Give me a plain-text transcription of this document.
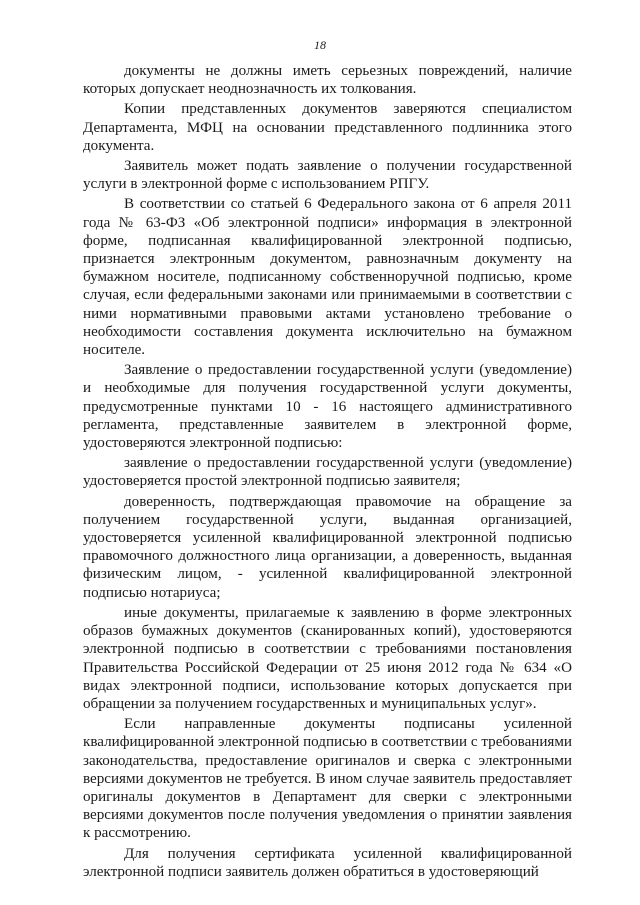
18

документы не должны иметь серьезных повреждений, наличие которых допускает неоднозначность их толкования.

Копии представленных документов заверяются специалистом Департамента, МФЦ на основании представленного подлинника этого документа.

Заявитель может подать заявление о получении государственной услуги в электронной форме с использованием РПГУ.

В соответствии со статьей 6 Федерального закона от 6 апреля 2011 года № 63-ФЗ «Об электронной подписи» информация в электронной форме, подписанная квалифицированной электронной подписью, признается электронным документом, равнозначным документу на бумажном носителе, подписанному собственноручной подписью, кроме случая, если федеральными законами или принимаемыми в соответствии с ними нормативными правовыми актами установлено требование о необходимости составления документа исключительно на бумажном носителе.

Заявление о предоставлении государственной услуги (уведомление) и необходимые для получения государственной услуги документы, предусмотренные пунктами 10 - 16 настоящего административного регламента, представленные заявителем в электронной форме, удостоверяются электронной подписью:

заявление о предоставлении государственной услуги (уведомление) удостоверяется простой электронной подписью заявителя;

доверенность, подтверждающая правомочие на обращение за получением государственной услуги, выданная организацией, удостоверяется усиленной квалифицированной электронной подписью правомочного должностного лица организации, а доверенность, выданная физическим лицом, - усиленной квалифицированной электронной подписью нотариуса;

иные документы, прилагаемые к заявлению в форме электронных образов бумажных документов (сканированных копий), удостоверяются электронной подписью в соответствии с требованиями постановления Правительства Российской Федерации от 25 июня 2012 года № 634 «О видах электронной подписи, использование которых допускается при обращении за получением государственных и муниципальных услуг».

Если направленные документы подписаны усиленной квалифицированной электронной подписью в соответствии с требованиями законодательства, предоставление оригиналов и сверка с электронными версиями документов не требуется. В ином случае заявитель предоставляет оригиналы документов в Департамент для сверки с электронными версиями документов после получения уведомления о принятии заявления к рассмотрению.

Для получения сертификата усиленной квалифицированной электронной подписи заявитель должен обратиться в удостоверяющий
